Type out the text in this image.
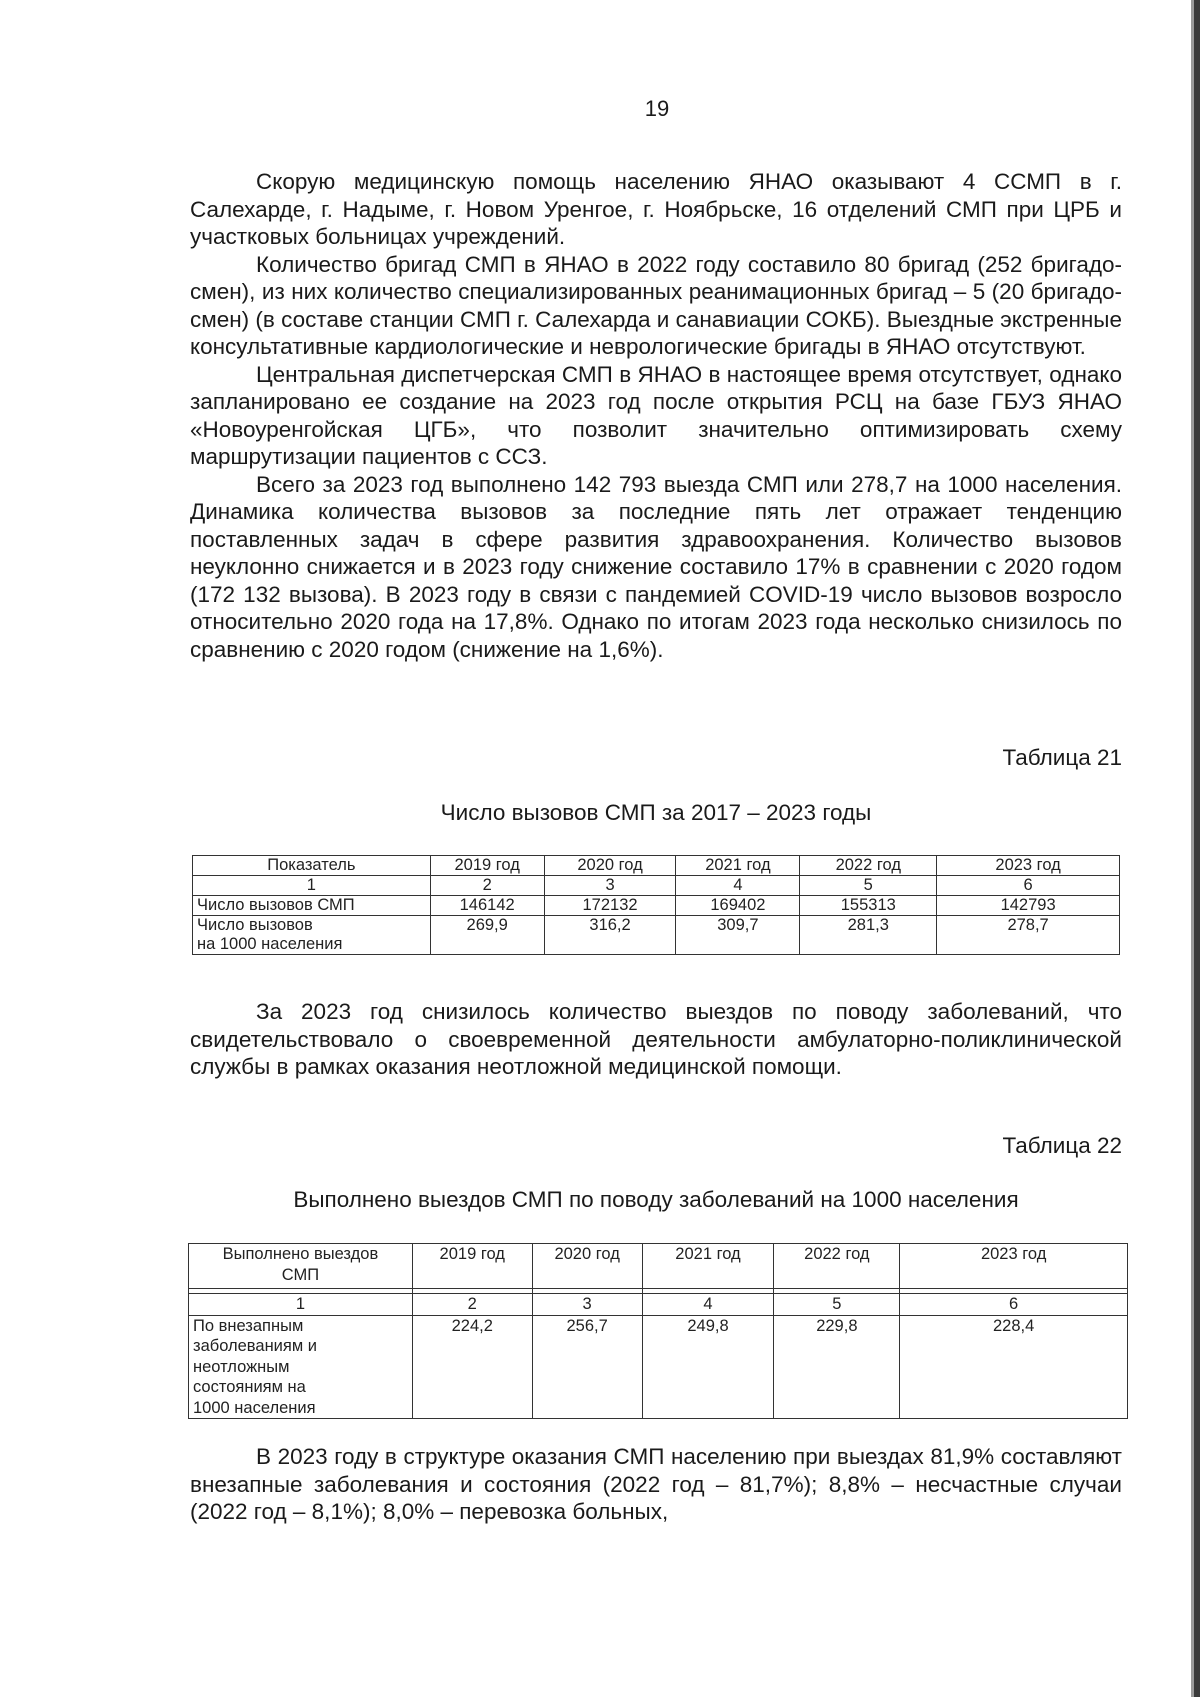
19

Скорую медицинскую помощь населению ЯНАО оказывают 4 ССМП в г. Салехарде, г. Надыме, г. Новом Уренгое, г. Ноябрьске, 16 отделений СМП при ЦРБ и участковых больницах учреждений.

Количество бригад СМП в ЯНАО в 2022 году составило 80 бригад (252 бригадо-смен), из них количество специализированных реанимационных бригад – 5 (20 бригадо-смен) (в составе станции СМП г. Салехарда и санавиации СОКБ). Выездные экстренные консультативные кардиологические и неврологические бригады в ЯНАО отсутствуют.

Центральная диспетчерская СМП в ЯНАО в настоящее время отсутствует, однако запланировано ее создание на 2023 год после открытия РСЦ на базе ГБУЗ ЯНАО «Новоуренгойская ЦГБ», что позволит значительно оптимизировать схему маршрутизации пациентов с ССЗ.

Всего за 2023 год выполнено 142 793 выезда СМП или 278,7 на 1000 населения. Динамика количества вызовов за последние пять лет отражает тенденцию поставленных задач в сфере развития здравоохранения. Количество вызовов неуклонно снижается и в 2023 году снижение составило 17% в сравнении с 2020 годом (172 132 вызова). В 2023 году в связи с пандемией COVID-19 число вызовов возросло относительно 2020 года на 17,8%. Однако по итогам 2023 года несколько снизилось по сравнению с 2020 годом (снижение на 1,6%).

Таблица 21
Число вызовов СМП за 2017 – 2023 годы
Показатель	2019 год	2020 год	2021 год	2022 год	2023 год
1	2	3	4	5	6
Число вызовов СМП	146142	172132	169402	155313	142793
Число вызовов
на 1000 населения	269,9	316,2	309,7	281,3	278,7

За 2023 год снизилось количество выездов по поводу заболеваний, что свидетельствовало о своевременной деятельности амбулаторно-поликлинической службы в рамках оказания неотложной медицинской помощи.

Таблица 22
Выполнено выездов СМП по поводу заболеваний на 1000 населения
Выполнено выездов
СМП	2019 год	2020 год	2021 год	2022 год	2023 год

1	2	3	4	5	6
По внезапным
заболеваниям и
неотложным
состояниям на
1000 населения	224,2	256,7	249,8	229,8	228,4

В 2023 году в структуре оказания СМП населению при выездах 81,9% составляют внезапные заболевания и состояния (2022 год – 81,7%); 8,8% – несчастные случаи (2022 год – 8,1%); 8,0% – перевозка больных,
